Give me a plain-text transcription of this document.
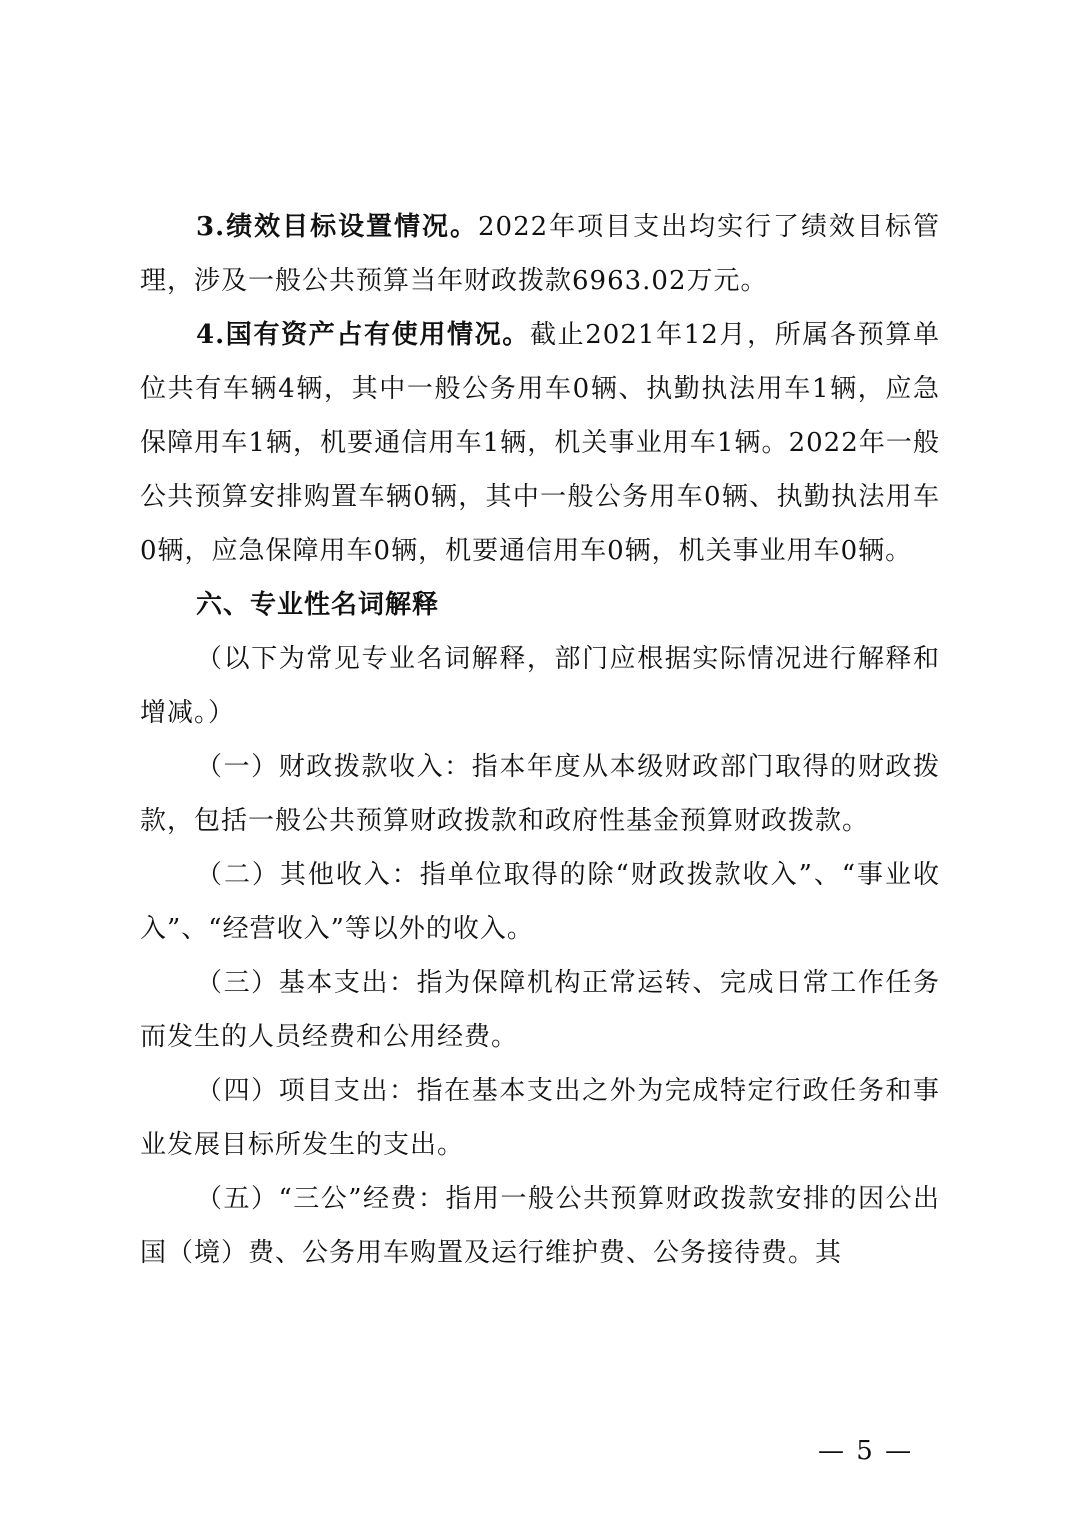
3.绩效目标设置情况。2022年项目支出均实行了绩效目标管理，涉及一般公共预算当年财政拨款6963.02万元。

4.国有资产占有使用情况。截止2021年12月，所属各预算单位共有车辆4辆，其中一般公务用车0辆、执勤执法用车1辆，应急保障用车1辆，机要通信用车1辆，机关事业用车1辆。2022年一般公共预算安排购置车辆0辆，其中一般公务用车0辆、执勤执法用车0辆，应急保障用车0辆，机要通信用车0辆，机关事业用车0辆。

六、专业性名词解释

（以下为常见专业名词解释，部门应根据实际情况进行解释和增减。）

（一）财政拨款收入：指本年度从本级财政部门取得的财政拨款，包括一般公共预算财政拨款和政府性基金预算财政拨款。

（二）其他收入：指单位取得的除“财政拨款收入”、“事业收入”、“经营收入”等以外的收入。

（三）基本支出：指为保障机构正常运转、完成日常工作任务而发生的人员经费和公用经费。

（四）项目支出：指在基本支出之外为完成特定行政任务和事业发展目标所发生的支出。

（五）“三公”经费：指用一般公共预算财政拨款安排的因公出国（境）费、公务用车购置及运行维护费、公务接待费。其

— 5 —
